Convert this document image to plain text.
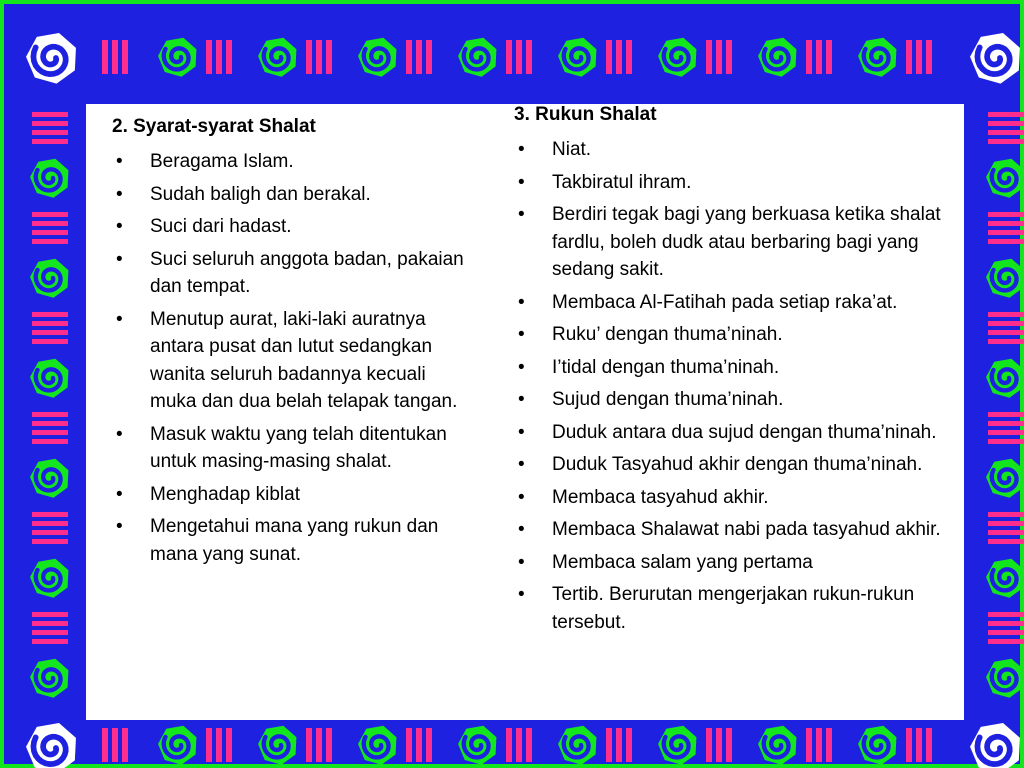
2. Syarat-syarat Shalat
• Beragama Islam.
• Sudah baligh dan berakal.
• Suci dari hadast.
• Suci seluruh anggota badan, pakaian dan tempat.
• Menutup aurat, laki-laki auratnya antara pusat dan lutut sedangkan wanita seluruh badannya kecuali muka dan dua belah telapak tangan.
• Masuk waktu yang telah ditentukan untuk masing-masing shalat.
• Menghadap kiblat
• Mengetahui mana yang rukun dan mana yang sunat.
3. Rukun Shalat
• Niat.
• Takbiratul ihram.
• Berdiri tegak bagi yang berkuasa ketika shalat fardlu, boleh dudk atau berbaring bagi yang sedang sakit.
• Membaca Al-Fatihah pada setiap raka’at.
• Ruku’ dengan thuma’ninah.
• I’tidal dengan thuma’ninah.
• Sujud dengan thuma’ninah.
• Duduk antara dua sujud dengan thuma’ninah.
• Duduk Tasyahud akhir dengan thuma’ninah.
• Membaca tasyahud akhir.
• Membaca Shalawat nabi pada tasyahud akhir.
• Membaca salam yang pertama
• Tertib. Berurutan mengerjakan rukun-rukun tersebut.
